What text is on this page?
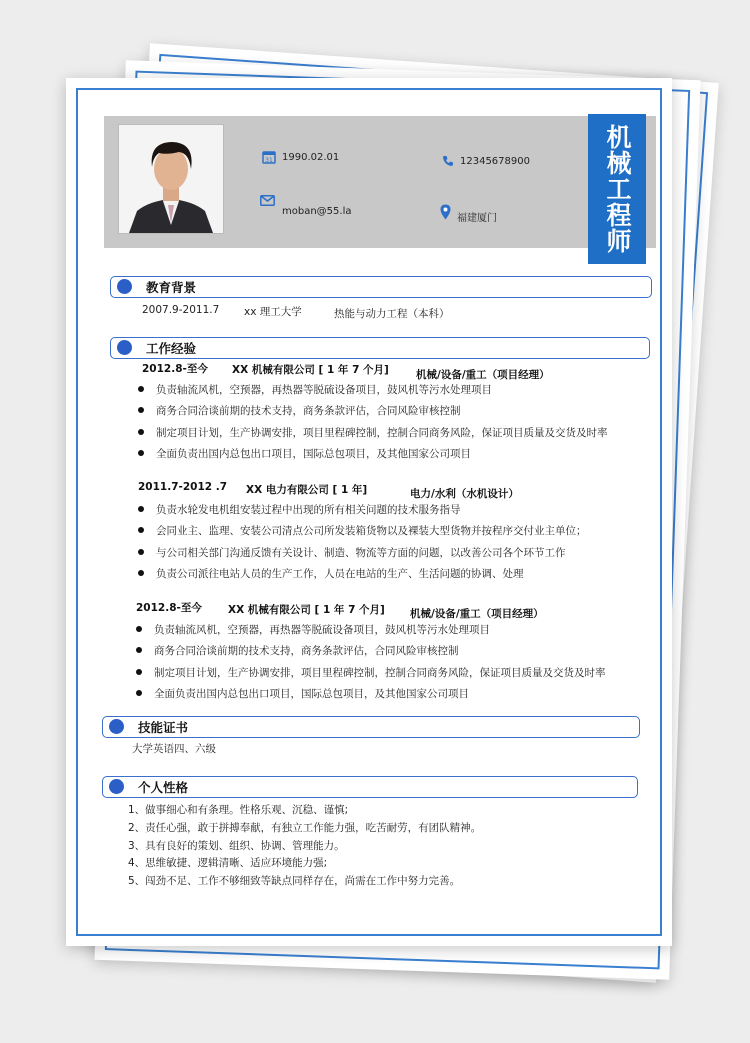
31 1990.02.01	12345678900
moban@55.la
福建厦门	机械工程师
教育背景
2007.9-2011.7 xx 理工大学	热能与动力工程（本科）
工作经验
2012.8-至今 XX 机械有限公司 [ 1 年 7 个月]	机械/设备/重工（项目经理）
负责轴流风机，空预器，再热器等脱硫设备项目，鼓风机等污水处理项目
商务合同洽谈前期的技术支持，商务条款评估，合同风险审核控制
制定项目计划，生产协调安排，项目里程碑控制，控制合同商务风险，保证项目质量及交货及时率
全面负责出国内总包出口项目，国际总包项目，及其他国家公司项目
2011.7-2012 .7 XX 电力有限公司 [ 1 年]	电力/水利（水机设计）
负责水轮发电机组安装过程中出现的所有相关问题的技术服务指导
会同业主、监理、安装公司清点公司所发装箱货物以及裸装大型货物并按程序交付业主单位；
与公司相关部门沟通反馈有关设计、制造、物流等方面的问题，以改善公司各个环节工作
负责公司派往电站人员的生产工作，人员在电站的生产、生活问题的协调、处理
2012.8-至今 XX 机械有限公司 [ 1 年 7 个月] 机械/设备/重工（项目经理）
负责轴流风机，空预器，再热器等脱硫设备项目，鼓风机等污水处理项目
商务合同洽谈前期的技术支持，商务条款评估，合同风险审核控制
制定项目计划，生产协调安排，项目里程碑控制，控制合同商务风险，保证项目质量及交货及时率
全面负责出国内总包出口项目，国际总包项目，及其他国家公司项目
技能证书
大学英语四、六级
个人性格
1、做事细心和有条理。性格乐观、沉稳、谨慎;
2、责任心强，敢于拼搏奉献，有独立工作能力强，吃苦耐劳，有团队精神。
3、具有良好的策划、组织、协调、管理能力。
4、思维敏捷、逻辑清晰、适应环境能力强;
5、闯劲不足、工作不够细致等缺点同样存在，尚需在工作中努力完善。
